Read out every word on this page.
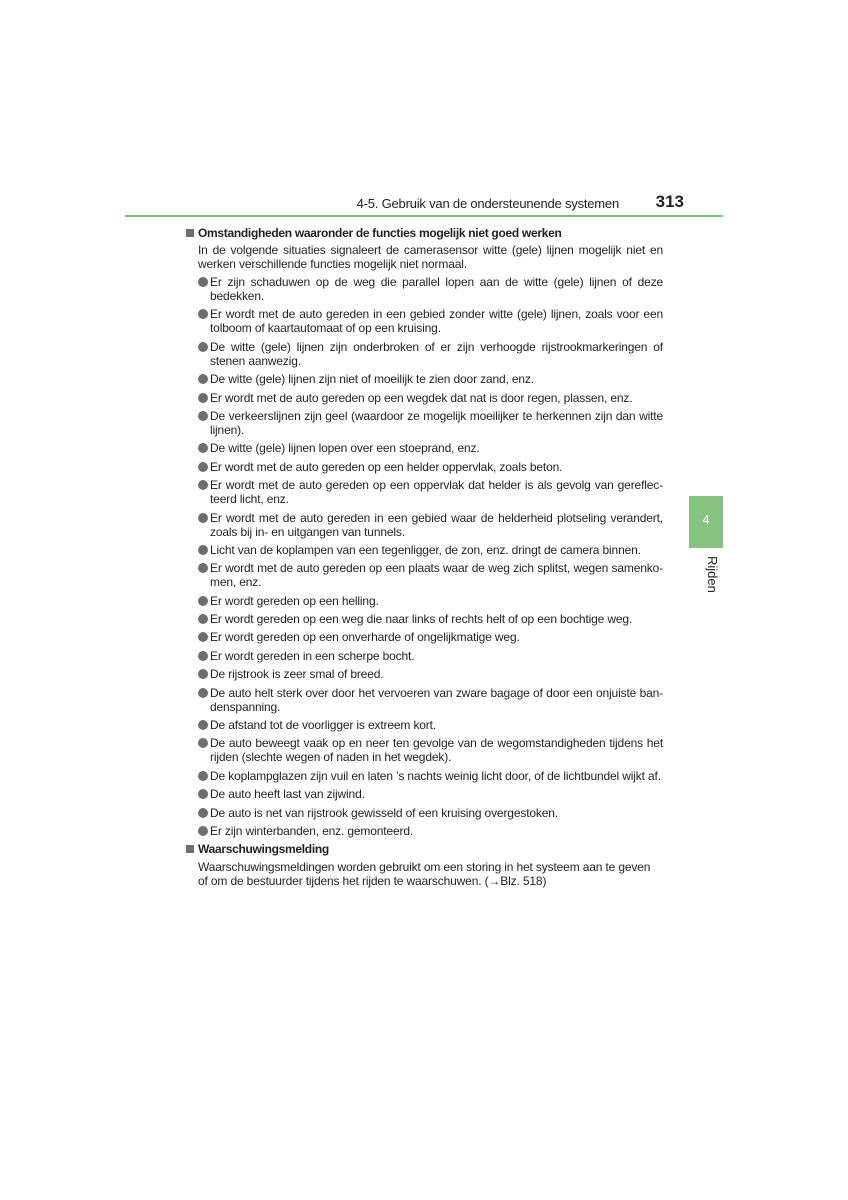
4-5. Gebruik van de ondersteunende systemen	313
4
Rijden
Omstandigheden waaronder de functies mogelijk niet goed werken
In de volgende situaties signaleert de camerasensor witte (gele) lijnen mogelijk niet en werken verschillende functies mogelijk niet normaal.
Er zijn schaduwen op de weg die parallel lopen aan de witte (gele) lijnen of deze bedekken.
Er wordt met de auto gereden in een gebied zonder witte (gele) lijnen, zoals voor een tolboom of kaartautomaat of op een kruising.
De witte (gele) lijnen zijn onderbroken of er zijn verhoogde rijstrookmarkeringen of stenen aanwezig.
De witte (gele) lijnen zijn niet of moeilijk te zien door zand, enz.
Er wordt met de auto gereden op een wegdek dat nat is door regen, plassen, enz.
De verkeerslijnen zijn geel (waardoor ze mogelijk moeilijker te herkennen zijn dan witte lijnen).
De witte (gele) lijnen lopen over een stoeprand, enz.
Er wordt met de auto gereden op een helder oppervlak, zoals beton.
Er wordt met de auto gereden op een oppervlak dat helder is als gevolg van gereflec-teerd licht, enz.
Er wordt met de auto gereden in een gebied waar de helderheid plotseling verandert, zoals bij in- en uitgangen van tunnels.
Licht van de koplampen van een tegenligger, de zon, enz. dringt de camera binnen.
Er wordt met de auto gereden op een plaats waar de weg zich splitst, wegen samenko-men, enz.
Er wordt gereden op een helling.
Er wordt gereden op een weg die naar links of rechts helt of op een bochtige weg.
Er wordt gereden op een onverharde of ongelijkmatige weg.
Er wordt gereden in een scherpe bocht.
De rijstrook is zeer smal of breed.
De auto helt sterk over door het vervoeren van zware bagage of door een onjuiste ban-denspanning.
De afstand tot de voorligger is extreem kort.
De auto beweegt vaak op en neer ten gevolge van de wegomstandigheden tijdens het rijden (slechte wegen of naden in het wegdek).
De koplampglazen zijn vuil en laten ’s nachts weinig licht door, of de lichtbundel wijkt af.
De auto heeft last van zijwind.
De auto is net van rijstrook gewisseld of een kruising overgestoken.
Er zijn winterbanden, enz. gemonteerd.
Waarschuwingsmelding
Waarschuwingsmeldingen worden gebruikt om een storing in het systeem aan te geven of om de bestuurder tijdens het rijden te waarschuwen. (→Blz. 518)
